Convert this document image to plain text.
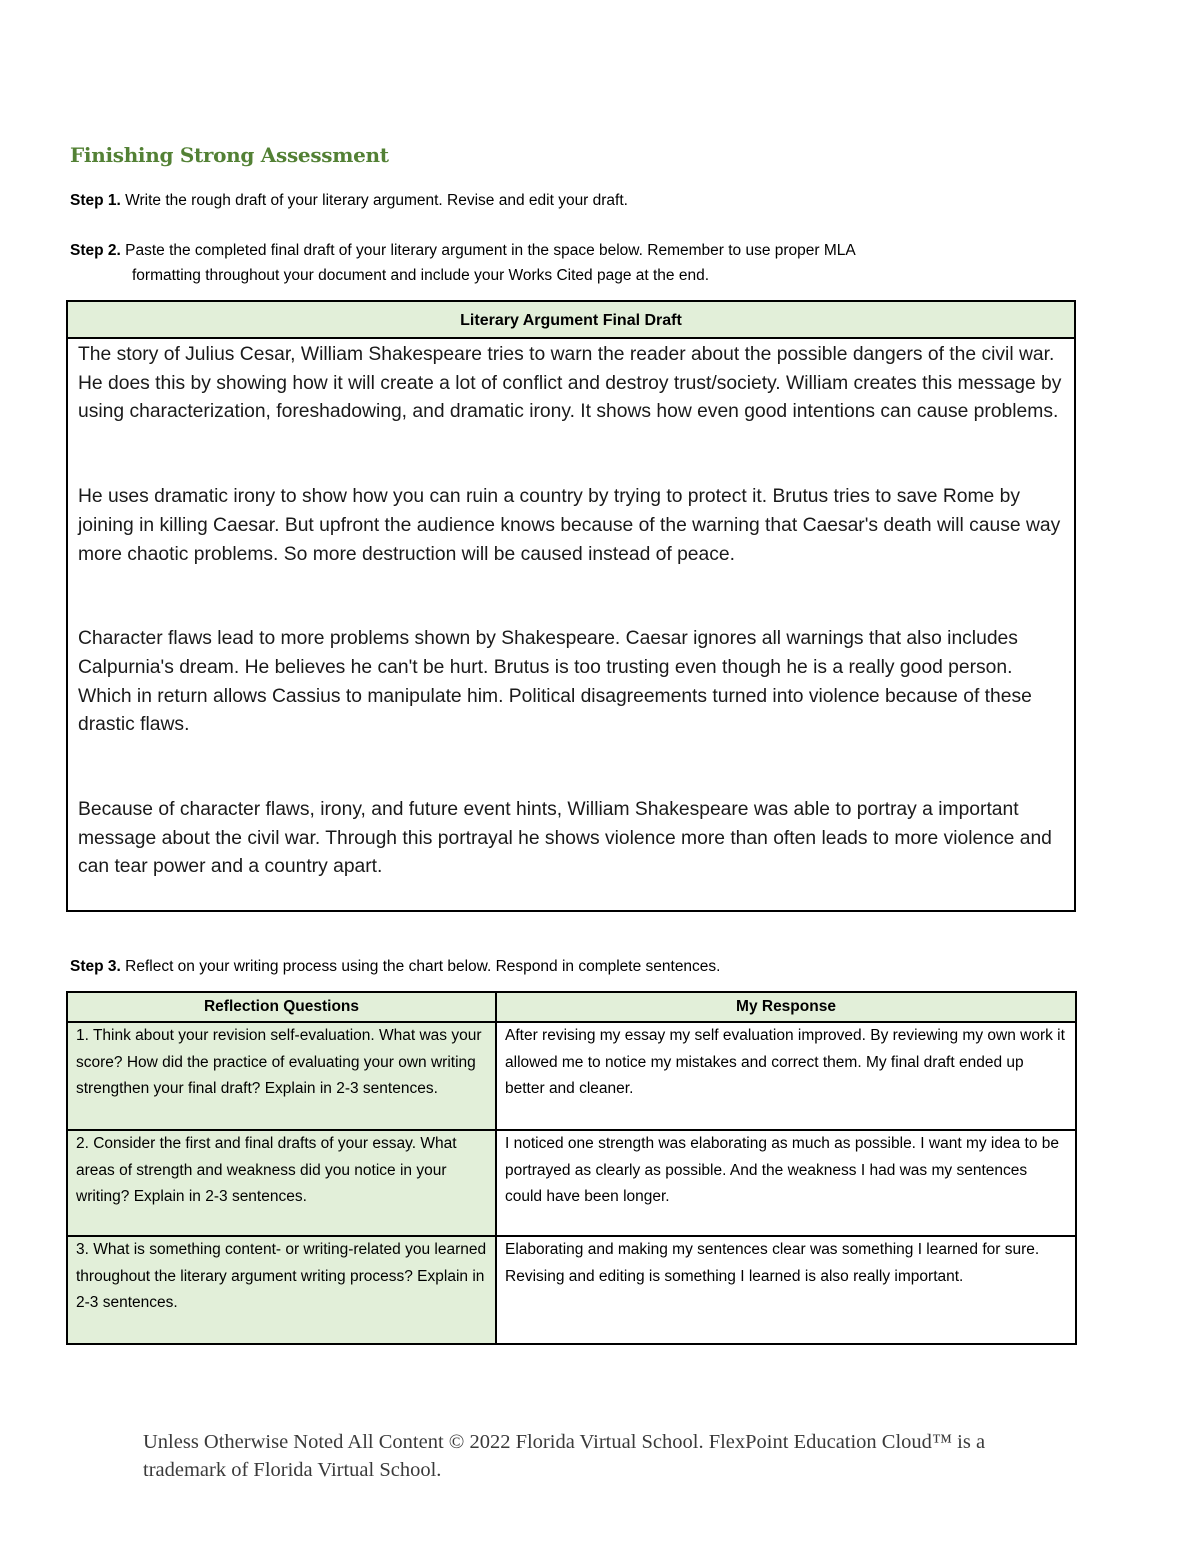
Finishing Strong Assessment
Step 1. Write the rough draft of your literary argument. Revise and edit your draft.
Step 2. Paste the completed final draft of your literary argument in the space below. Remember to use proper MLA
formatting throughout your document and include your Works Cited page at the end.
Literary Argument Final Draft

The story of Julius Cesar, William Shakespeare tries to warn the reader about the possible dangers of the civil war. He does this by showing how it will create a lot of conflict and destroy trust/society. William creates this message by using characterization, foreshadowing, and dramatic irony. It shows how even good intentions can cause problems.

He uses dramatic irony to show how you can ruin a country by trying to protect it. Brutus tries to save Rome by joining in killing Caesar. But upfront the audience knows because of the warning that Caesar's death will cause way more chaotic problems. So more destruction will be caused instead of peace.

Character flaws lead to more problems shown by Shakespeare. Caesar ignores all warnings that also includes Calpurnia's dream. He believes he can't be hurt. Brutus is too trusting even though he is a really good person. Which in return allows Cassius to manipulate him. Political disagreements turned into violence because of these drastic flaws.

Because of character flaws, irony, and future event hints, William Shakespeare was able to portray a important message about the civil war. Through this portrayal he shows violence more than often leads to more violence and can tear power and a country apart.

Step 3. Reflect on your writing process using the chart below. Respond in complete sentences.
Reflection Questions	My Response
1. Think about your revision self-evaluation. What was your score? How did the practice of evaluating your own writing strengthen your final draft? Explain in 2-3 sentences.	After revising my essay my self evaluation improved. By reviewing my own work it allowed me to notice my mistakes and correct them. My final draft ended up better and cleaner.
2. Consider the first and final drafts of your essay. What areas of strength and weakness did you notice in your writing? Explain in 2-3 sentences.	I noticed one strength was elaborating as much as possible. I want my idea to be portrayed as clearly as possible. And the weakness I had was my sentences could have been longer.
3. What is something content- or writing-related you learned throughout the literary argument writing process? Explain in 2-3 sentences.	Elaborating and making my sentences clear was something I learned for sure. Revising and editing is something I learned is also really important.
Unless Otherwise Noted All Content © 2022 Florida Virtual School. FlexPoint Education Cloud™ is a trademark of Florida Virtual School.
